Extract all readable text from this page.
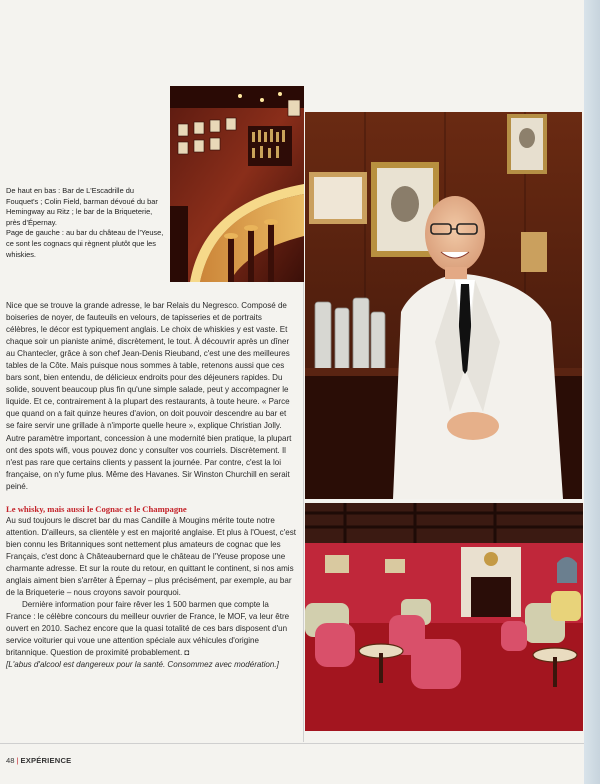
De haut en bas : Bar de L'Escadrille du Fouquet's ; Colin Field, barman dévoué du bar Hemingway au Ritz ; le bar de la Briqueterie, près d'Épernay.

Page de gauche : au bar du château de l'Yeuse, ce sont les cognacs qui règnent plutôt que les whiskies.

Nice que se trouve la grande adresse, le bar Relais du Negresco. Composé de boiseries de noyer, de fauteuils en velours, de tapisseries et de portraits célèbres, le décor est typiquement anglais. Le choix de whiskies y est vaste. Et chaque soir un pianiste animé, discrètement, le tout. À découvrir après un dîner au Chantecler, grâce à son chef Jean-Denis Rieuband, c'est une des meilleures tables de la Côte. Mais puisque nous sommes à table, retenons aussi que ces bars sont, bien entendu, de délicieux endroits pour des déjeuners rapides. Du solide, souvent beaucoup plus fin qu'une simple salade, peut y accompagner le liquide. Et ce, contrairement à la plupart des restaurants, à toute heure. « Parce que quand on a fait quinze heures d'avion, on doit pouvoir descendre au bar et se faire servir une grillade à n'importe quelle heure », explique Christian Jolly. Autre paramètre important, concession à une modernité bien pratique, la plupart ont des spots wifi, vous pouvez donc y consulter vos courriels. Discrètement. Il n'est pas rare que certains clients y passent la journée. Par contre, c'est la loi française, on n'y fume plus. Même des Havanes. Sir Winston Churchill en serait peiné.

Le whisky, mais aussi le Cognac et le Champagne

Au sud toujours le discret bar du mas Candille à Mougins mérite toute notre attention. D'ailleurs, sa clientèle y est en majorité anglaise. Et plus à l'Ouest, c'est bien connu les Britanniques sont nettement plus amateurs de cognac que les Français, c'est donc à Châteaubernard que le château de l'Yeuse propose une charmante adresse. Et sur la route du retour, en quittant le continent, si nos amis anglais aiment bien s'arrêter à Épernay – plus précisément, par exemple, au bar de la Briqueterie – nous croyons savoir pourquoi.

Dernière information pour faire rêver les 1 500 barmen que compte la France : le célèbre concours du meilleur ouvrier de France, le MOF, va leur être ouvert en 2010. Sachez encore que la quasi totalité de ces bars disposent d'un service voiturier qui voue une attention spéciale aux véhicules d'origine britannique. Question de proximité probablement. ◘

[L'abus d'alcool est dangereux pour la santé. Consommez avec modération.]

48 | EXPÉRIENCE
